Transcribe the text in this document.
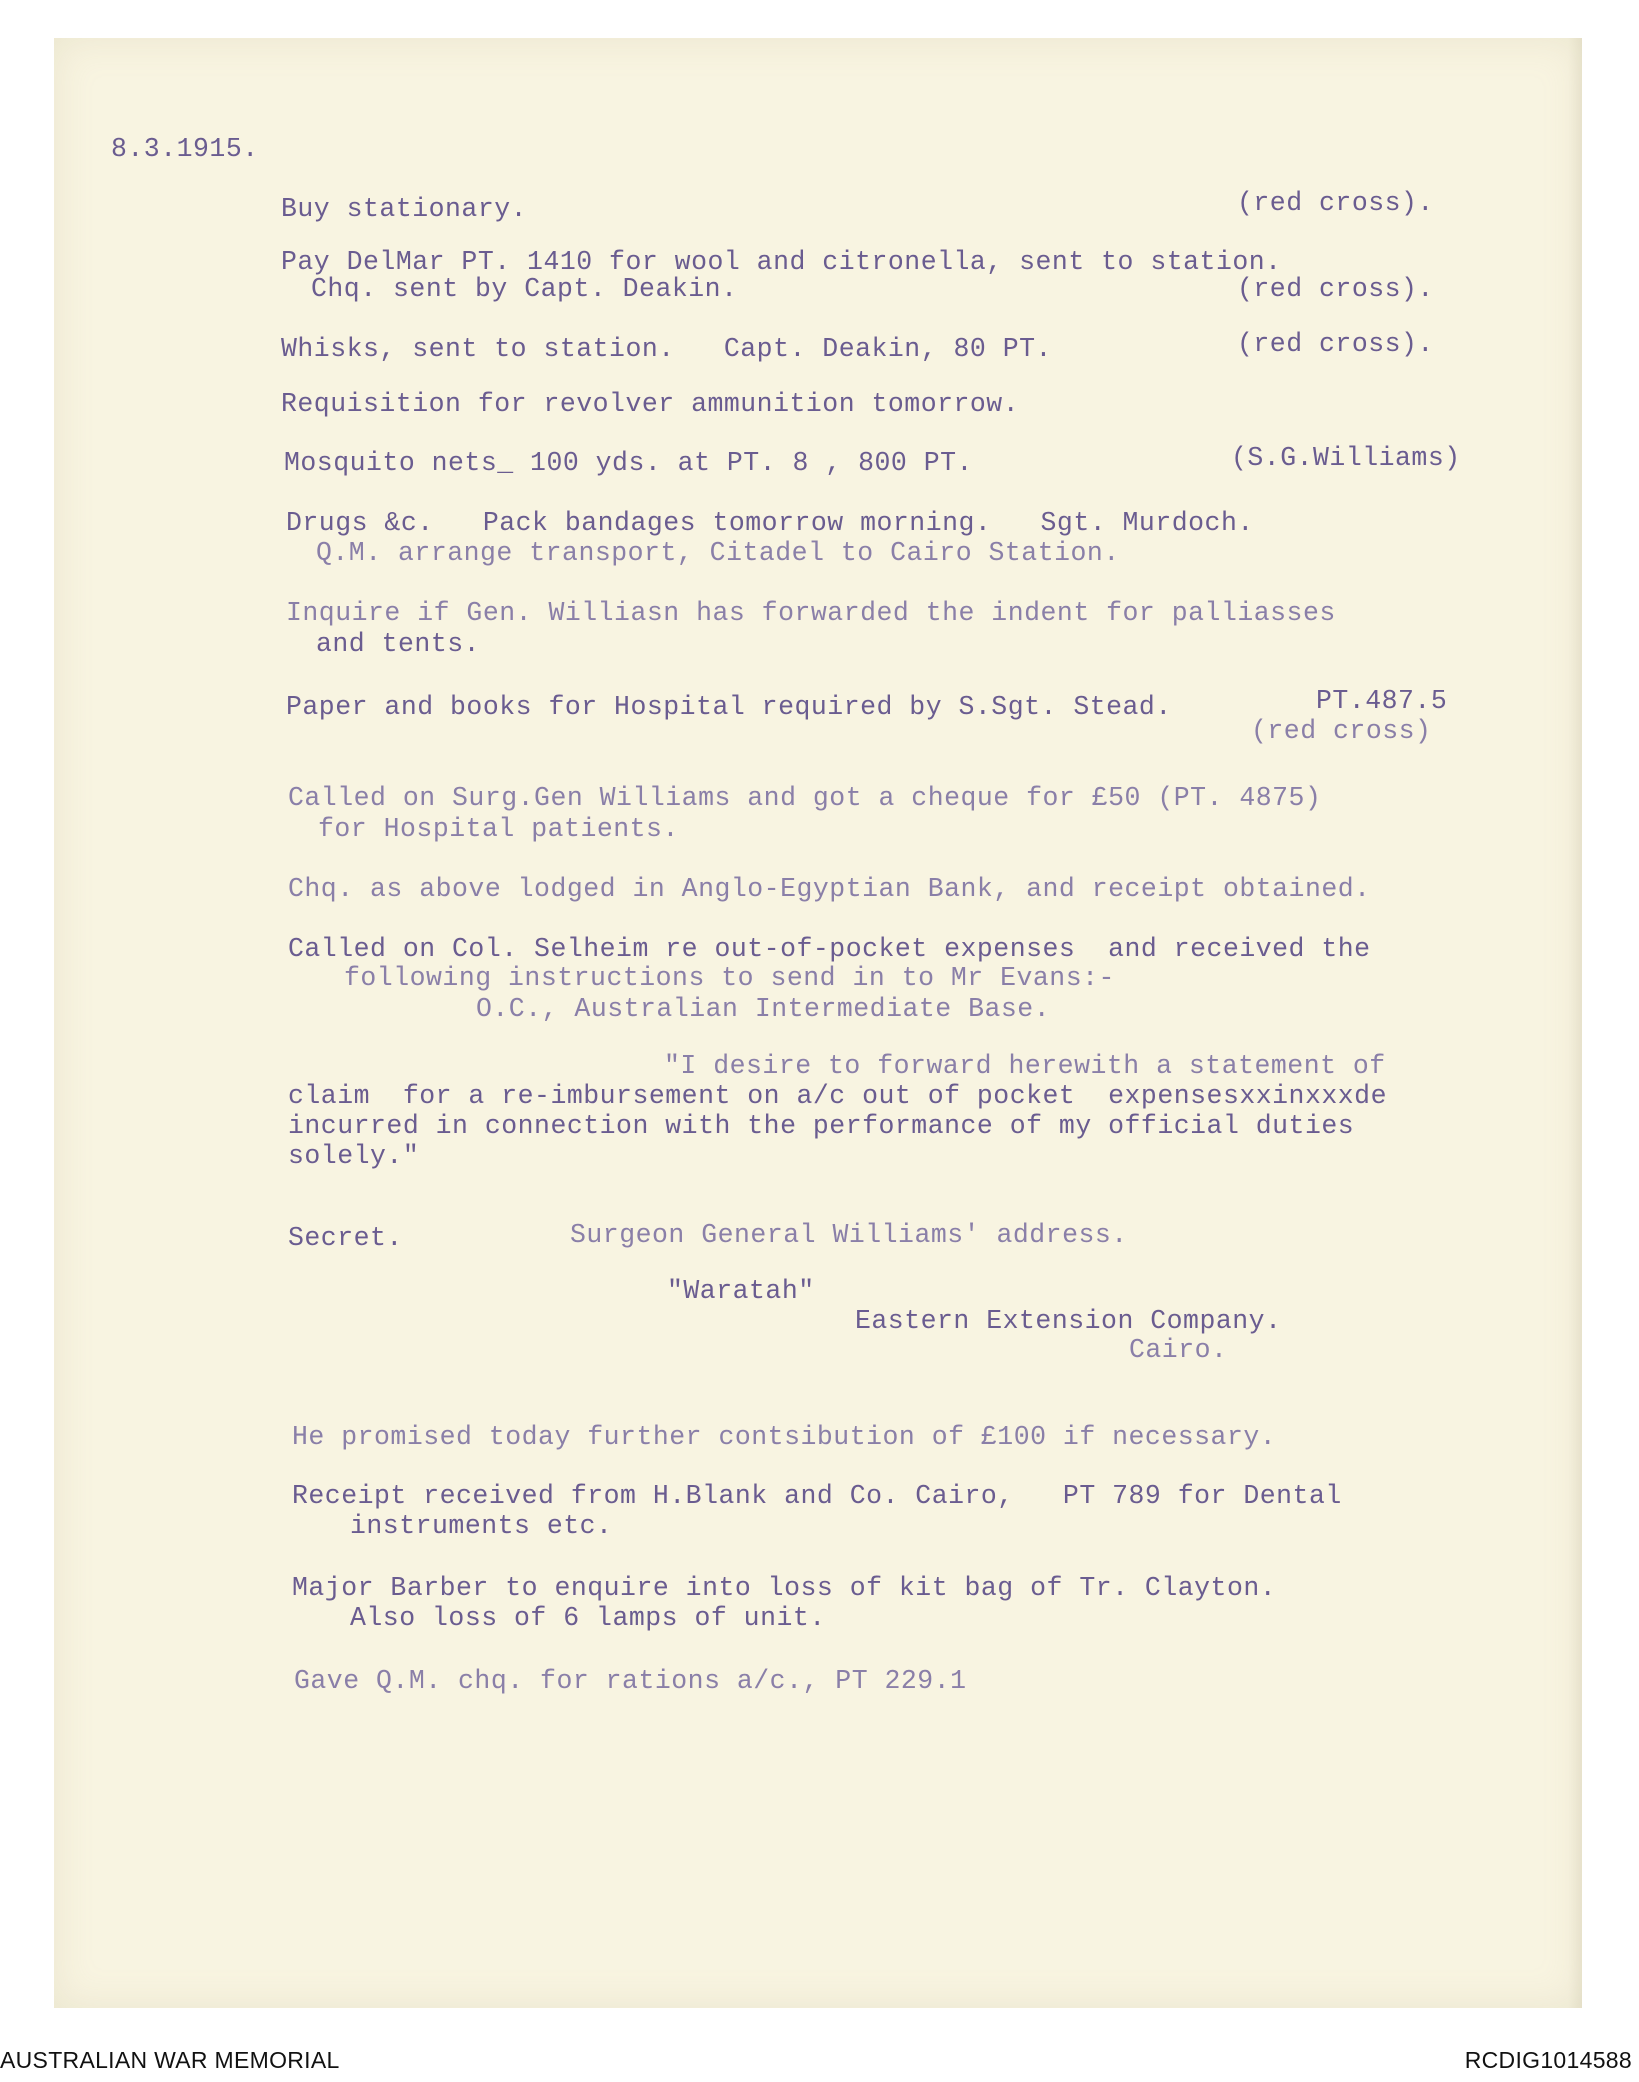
8.3.1915.

Buy stationary.	(red cross).

Pay DelMar PT. 1410 for wool and citronella, sent to station.

Chq. sent by Capt. Deakin.	(red cross).

Whisks, sent to station.   Capt. Deakin, 80 PT.	(red cross).

Requisition for revolver ammunition tomorrow.

Mosquito nets_ 100 yds. at PT. 8 , 800 PT.	(S.G.Williams)

Drugs &c.   Pack bandages tomorrow morning.   Sgt. Murdoch.

Q.M. arrange transport, Citadel to Cairo Station.

Inquire if Gen. Williasn has forwarded the indent for palliasses

and tents.

Paper and books for Hospital required by S.Sgt. Stead.	PT.487.5

(red cross)

Called on Surg.Gen Williams and got a cheque for £50 (PT. 4875)

for Hospital patients.

Chq. as above lodged in Anglo-Egyptian Bank, and receipt obtained.

Called on Col. Selheim re out-of-pocket expenses  and received the

following instructions to send in to Mr Evans:-

O.C., Australian Intermediate Base.

"I desire to forward herewith a statement of

claim  for a re-imbursement on a/c out of pocket  expensesxxinxxxde

incurred in connection with the performance of my official duties

solely."

Secret.	Surgeon General Williams' address.

"Waratah"

Eastern Extension Company.

Cairo.

He promised today further contsibution of £100 if necessary.

Receipt received from H.Blank and Co. Cairo,   PT 789 for Dental

instruments etc.

Major Barber to enquire into loss of kit bag of Tr. Clayton.

Also loss of 6 lamps of unit.

Gave Q.M. chq. for rations a/c., PT 229.1

AUSTRALIAN WAR MEMORIAL	RCDIG1014588
